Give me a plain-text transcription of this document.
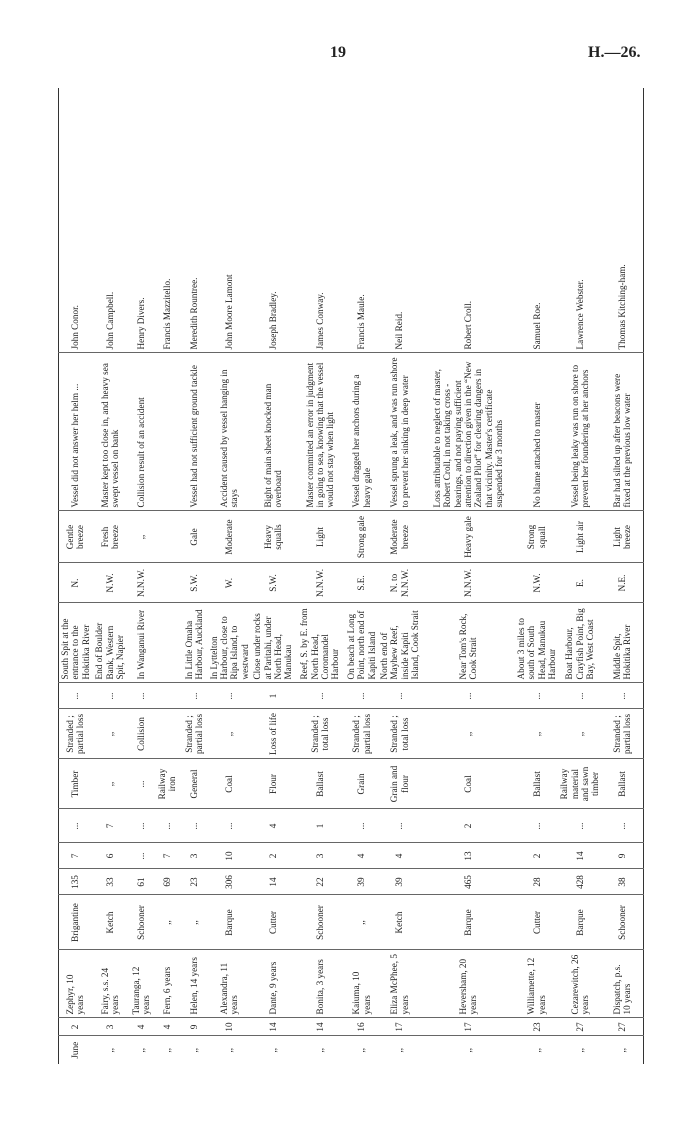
19	H.—26.
June	2	Zephyr, 10 years	Brigantine	135	7	...	Timber	Stranded ; partial loss	...	South Spit at the entrance to the Hokitika River	N.	Gentle breeze	Vessel did not answer her helm ...	John Conor.
,,	3	Fairy, s.s. 24 years	Ketch	33	6	7	,,	,,	...	End of Boulder Bank, Western Spit, Napier	N.W.	Fresh breeze	Master kept too close in, and heavy sea swept vessel on bank	John Campbell.
,,	4	Tauranga, 12 years	Schooner	61	...	...	...	Collision	...	In Wanganui River	N.N.W.	,,	Collision result of an accident	Henry Divers.
,,	4	Fern, 6 years	,,	69	7	...	Railway iron							Francis Mazzitello.
,,	9	Helen, 14 years	,,	23	3	...	General	Stranded ; partial loss	...	In Little Omaha Harbour, Auckland	S.W.	Gale	Vessel had not sufficient ground tackle	Meredith Rountree.
,,	10	Alexandra, 11 years	Barque	306	10	...	Coal	,,	...	In Lyttelton Harbour, close to Ripa Island, to westward	W.	Moderate	Accident caused by vessel hanging in stays	John Moore Lamont
,,	14	Dante, 9 years	Cutter	14	2	4	Flour	Loss of life	1	Close under rocks at Paritahi, under North Head, Manukau	S.W.	Heavy squalls	Bight of main sheet knocked man overboard	Joseph Bradley.
,,	14	Bonita, 3 years	Schooner	22	3	1	Ballast	Stranded ; total loss	...	Reef, S. by E. from North Head, Coromandel Harbour	N.N.W.	Light	Master committed an error in judgment in going to sea, knowing that the vessel would not stay when light	James Conway.
,,	16	Kaiuma, 10 years	,,	39	4	...	Grain	Stranded ; partial loss	...	On beach at Long Point, north end of Kapiti Island	S.E.	Strong gale	Vessel dragged her anchors during a heavy gale	Francis Maule.
,,	17	Eliza McPhee, 5 years	Ketch	39	4	...	Grain and flour	Stranded ; total loss	...	North end of Mayhew Reef, inside Kapiti Island, Cook Strait	N. to N.N.W.	Moderate breeze	Vessel sprung a leak, and was run ashore to prevent her sinking in deep water	Neil Reid.
,,	17	Heversham, 20 years	Barque	465	13	2	Coal	,,	...	Near Tom's Rock, Cook Strait	N.N.W.	Heavy gale	Loss attributable to neglect of master, Robert Croll, in not taking cross - bearings, and not paying sufficient attention to direction given in the “New Zealand Pilot” for clearing dangers in that vicinity. Master's certificate suspended for 3 months	Robert Croll.
,,	23	Williamette, 12 years	Cutter	28	2	...	Ballast	,,	...	About 3 miles to south of South Head, Manukau Harbour	N.W.	Strong squall	No blame attached to master	Samuel Roe.
,,	27	Cezarewitch, 26 years	Barque	428	14	...	Railway material and sawn timber	,,	...	Boat Harbour, Crayfish Point, Big Bay, West Coast	E.	Light air	Vessel being leaky was run on shore to prevent her foundering at her anchors	Lawrence Webster.
,,	27	Dispatch, p.s. 10 years	Schooner	38	9	...	Ballast	Stranded ; partial loss	...	Middle Spit, Hokitika River	N.E.	Light breeze	Bar had silted up after beacons were fixed at the previous low water	Thomas Kitching-ham.
